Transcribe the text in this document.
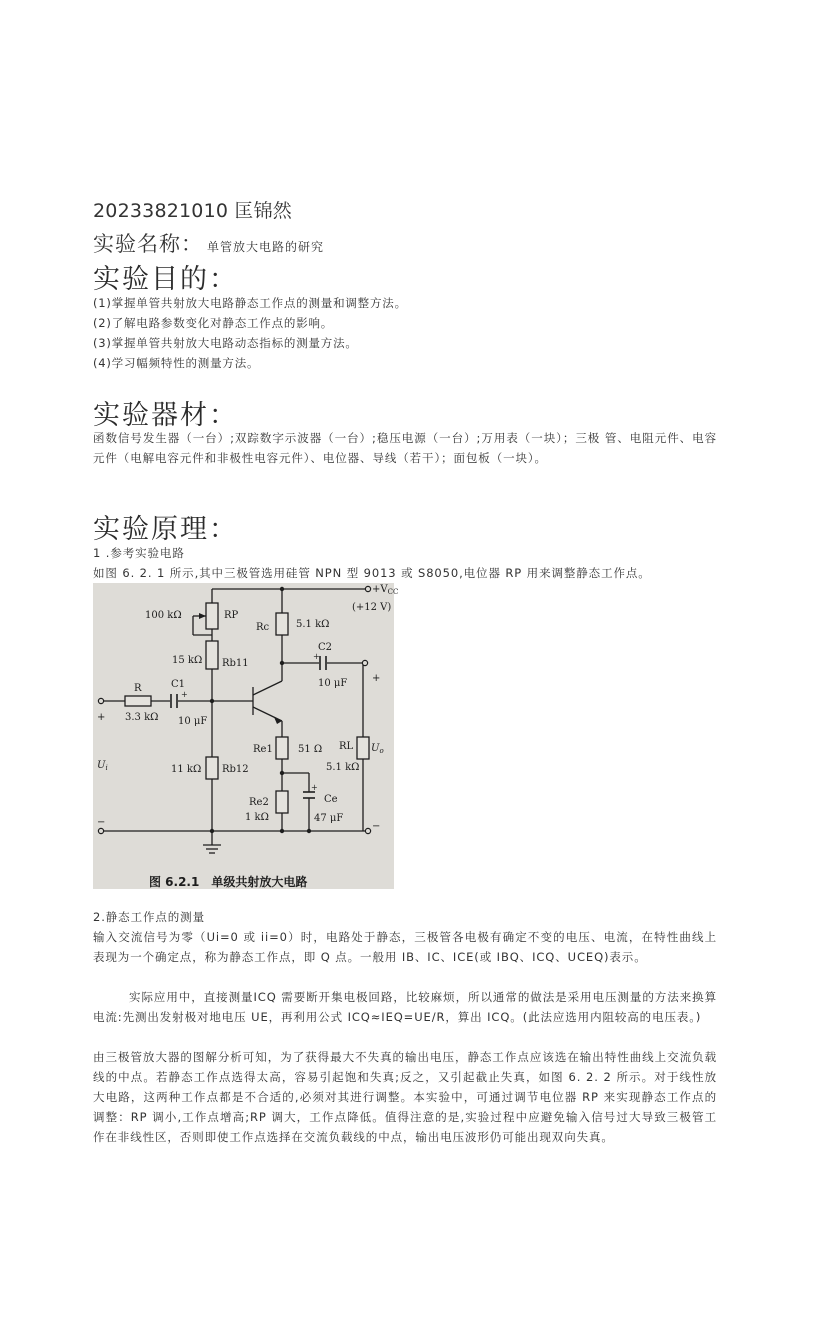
20233821010 匡锦然
实验名称： 单管放大电路的研究
实验目的：
(1)掌握单管共射放大电路静态工作点的测量和调整方法。
(2)了解电路参数变化对静态工作点的影响。
(3)掌握单管共射放大电路动态指标的测量方法。
(4)学习幅频特性的测量方法。
实验器材：
函数信号发生器（一台）;双踪数字示波器（一台）;稳压电源（一台）;万用表（一块）；三极 管、电阻元件、电容元件（电解电容元件和非极性电容元件）、电位器、导线（若干）；面包板（一块）。
实验原理：
1 .参考实验电路
如图 6. 2. 1 所示,其中三极管选用硅管 NPN 型 9013 或 S8050,电位器 RP 用来调整静态工作点。
$+V_{CC}$
(+12 V)
100 kΩ	RP
15 kΩ Rb11
Rc	5.1 kΩ
C2
+
10 μF
R
3.3 kΩ
C1
+
10 μF
+
$U_i$
−
Re1	51 Ω RL
5.1 kΩ
+
$U_o$
−
11 kΩ Rb12
Re2
1 kΩ
+
Ce
47 μF
图 6.2.1　单级共射放大电路
2.静态工作点的测量
输入交流信号为零（Ui=0 或 ii=0）时，电路处于静态，三极管各电极有确定不变的电压、电流，在特性曲线上表现为一个确定点，称为静态工作点，即 Q 点。一般用 IB、IC、ICE(或 IBQ、ICQ、UCEQ)表示。
实际应用中，直接测量ICQ 需要断开集电极回路，比较麻烦，所以通常的做法是采用电压测量的方法来换算电流:先测出发射极对地电压 UE，再利用公式 ICQ≈IEQ=UE/R，算出 ICQ。(此法应选用内阻较高的电压表。)
由三极管放大器的图解分析可知，为了获得最大不失真的输出电压，静态工作点应该选在输出特性曲线上交流负载线的中点。若静态工作点选得太高，容易引起饱和失真;反之，又引起截止失真，如图 6. 2. 2 所示。对于线性放大电路，这两种工作点都是不合适的,必须对其进行调整。本实验中，可通过调节电位器 RP 来实现静态工作点的调整：RP 调小,工作点增高;RP 调大，工作点降低。值得注意的是,实验过程中应避免输入信号过大导致三极管工作在非线性区，否则即使工作点选择在交流负载线的中点，输出电压波形仍可能出现双向失真。
